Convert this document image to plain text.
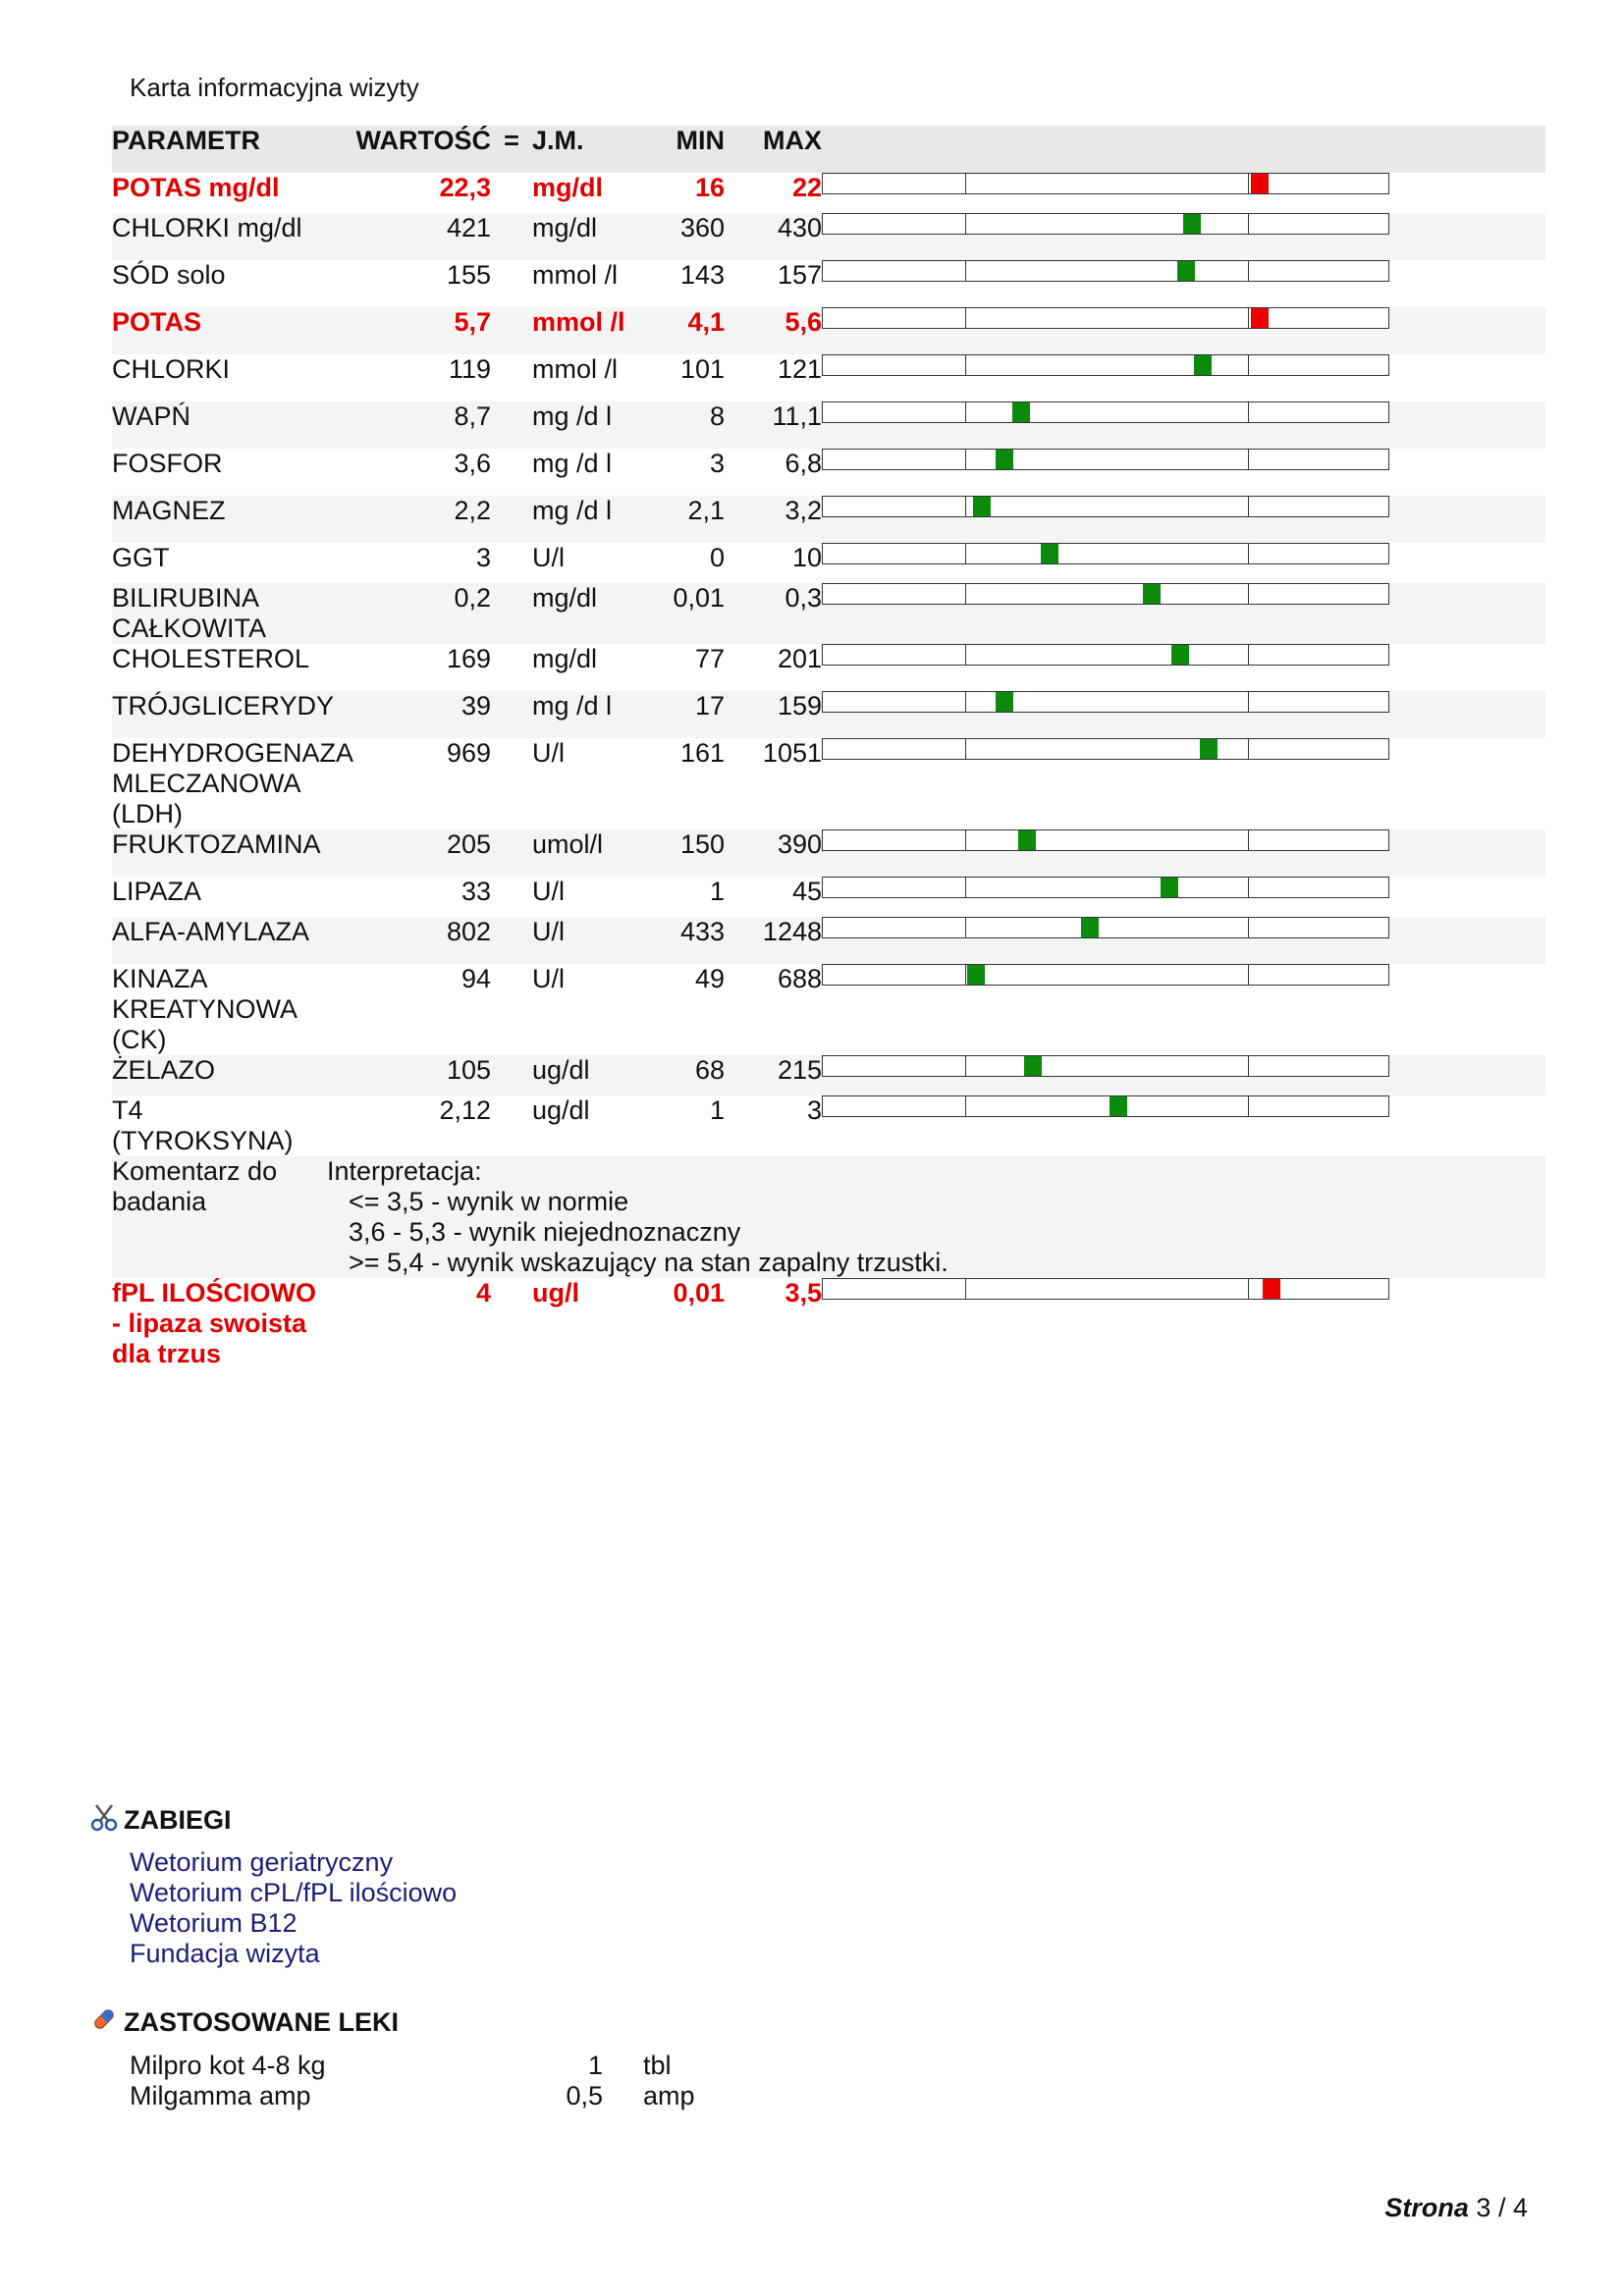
Karta informacyjna wizyty
PARAMETR	WARTOŚĆ	=	J.M.	MIN	MAX	
POTAS mg/dl	22,3		mg/dl	16	22	

CHLORKI mg/dl	421		mg/dl	360	430	

SÓD solo	155		mmol /l	143	157	

POTAS	5,7		mmol /l	4,1	5,6	

CHLORKI	119		mmol /l	101	121	

WAPŃ	8,7		mg /d l	8	11,1	

FOSFOR	3,6		mg /d l	3	6,8	

MAGNEZ	2,2		mg /d l	2,1	3,2	

GGT	3		U/l	0	10	

BILIRUBINA CAŁKOWITA	0,2		mg/dl	0,01	0,3	

CHOLESTEROL	169		mg/dl	77	201	

TRÓJGLICERYDY	39		mg /d l	17	159	

DEHYDROGENAZA MLECZANOWA (LDH)	969		U/l	161	1051	

FRUKTOZAMINA	205		umol/l	150	390	

LIPAZA	33		U/l	1	45	

ALFA-AMYLAZA	802		U/l	433	1248	

KINAZA KREATYNOWA (CK)	94		U/l	49	688	

ŻELAZO	105		ug/dl	68	215	

T4 (TYROKSYNA)	2,12		ug/dl	1	3	

Komentarz do badania	Interpretacja:
<= 3,5 - wynik w normie
3,6 - 5,3 - wynik niejednoznaczny
>= 5,4 - wynik wskazujący na stan zapalny trzustki.					

fPL ILOŚCIOWO - lipaza swoista dla trzus	4		ug/l	0,01	3,5	
ZABIEGI
Wetorium geriatryczny
Wetorium cPL/fPL ilościowo
Wetorium B12
Fundacja wizyta
ZASTOSOWANE LEKI
Milpro kot 4-8 kg	1 tbl
Milgamma amp	0,5 amp
Strona 3 / 4
